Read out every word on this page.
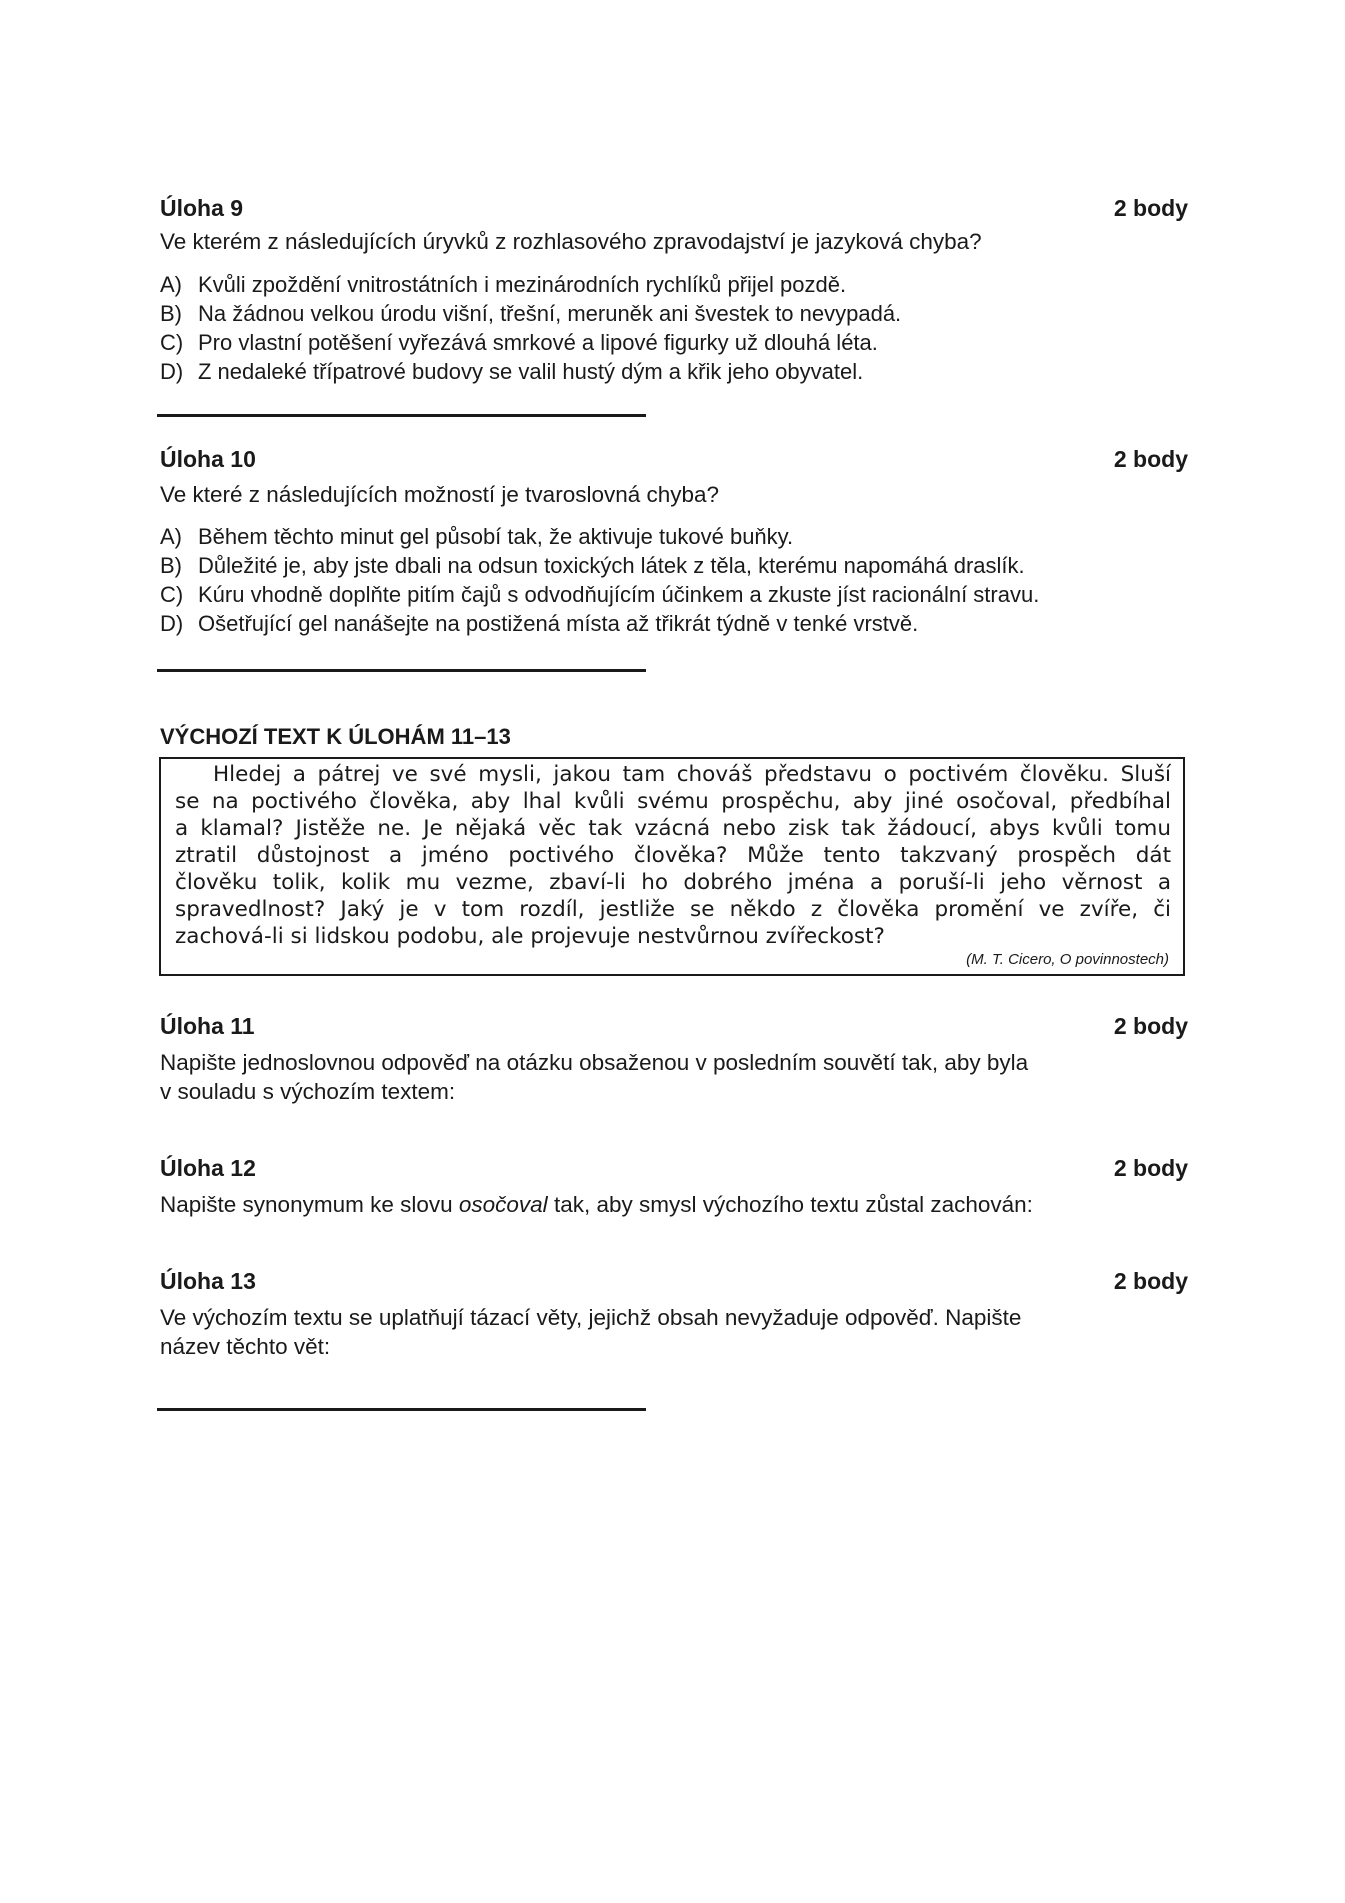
Úloha 9	2 body
Ve kterém z následujících úryvků z rozhlasového zpravodajství je jazyková chyba?
A) Kvůli zpoždění vnitrostátních i mezinárodních rychlíků přijel pozdě.
B) Na žádnou velkou úrodu višní, třešní, meruněk ani švestek to nevypadá.
C) Pro vlastní potěšení vyřezává smrkové a lipové figurky už dlouhá léta.
D) Z nedaleké třípatrové budovy se valil hustý dým a křik jeho obyvatel.
Úloha 10	2 body
Ve které z následujících možností je tvaroslovná chyba?
A) Během těchto minut gel působí tak, že aktivuje tukové buňky.
B) Důležité je, aby jste dbali na odsun toxických látek z těla, kterému napomáhá draslík.
C) Kúru vhodně doplňte pitím čajů s odvodňujícím účinkem a zkuste jíst racionální stravu.
D) Ošetřující gel nanášejte na postižená místa až třikrát týdně v tenké vrstvě.
VÝCHOZÍ TEXT K ÚLOHÁM 11–13
Hledej a pátrej ve své mysli, jakou tam chováš představu o poctivém člověku. Sluší
se na poctivého člověka, aby lhal kvůli svému prospěchu, aby jiné osočoval, předbíhal
a klamal? Jistěže ne. Je nějaká věc tak vzácná nebo zisk tak žádoucí, abys kvůli tomu
ztratil důstojnost a jméno poctivého člověka? Může tento takzvaný prospěch dát
člověku tolik, kolik mu vezme, zbaví-li ho dobrého jména a poruší-li jeho věrnost a
spravedlnost? Jaký je v tom rozdíl, jestliže se někdo z člověka promění ve zvíře, či
zachová-li si lidskou podobu, ale projevuje nestvůrnou zvířeckost?
(M. T. Cicero, O povinnostech)
Úloha 11	2 body
Napište jednoslovnou odpověď na otázku obsaženou v posledním souvětí tak, aby byla
v souladu s výchozím textem:
Úloha 12	2 body
Napište synonymum ke slovu osočoval tak, aby smysl výchozího textu zůstal zachován:
Úloha 13	2 body
Ve výchozím textu se uplatňují tázací věty, jejichž obsah nevyžaduje odpověď. Napište
název těchto vět:
